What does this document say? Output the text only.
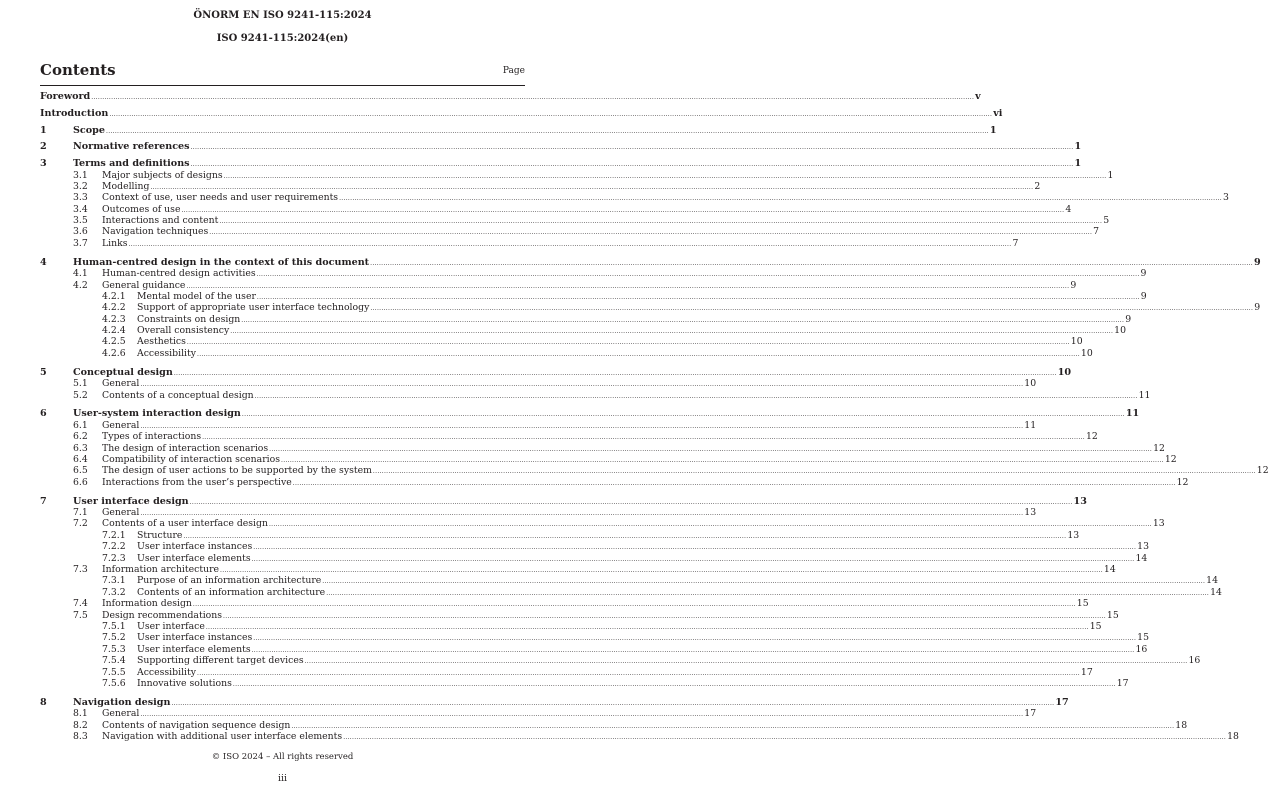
ÖNORM EN ISO 9241-115:2024
ISO 9241-115:2024(en)
Contents	Page
Foreword ................................................................................................................................................................................................................................................................................................................................................................................................................ v
Introduction ................................................................................................................................................................................................................................................................................................................................................................................................................ vi
1	Scope ................................................................................................................................................................................................................................................................................................................................................................................................................ 1
2	Normative references ................................................................................................................................................................................................................................................................................................................................................................................................................ 1
3	Terms and definitions ................................................................................................................................................................................................................................................................................................................................................................................................................ 1
3.1 Major subjects of designs ................................................................................................................................................................................................................................................................................................................................................................................................................ 1
3.2 Modelling ................................................................................................................................................................................................................................................................................................................................................................................................................ 2
3.3 Context of use, user needs and user requirements ................................................................................................................................................................................................................................................................................................................................................................................................................ 3
3.4 Outcomes of use ................................................................................................................................................................................................................................................................................................................................................................................................................ 4
3.5 Interactions and content ................................................................................................................................................................................................................................................................................................................................................................................................................ 5
3.6 Navigation techniques ................................................................................................................................................................................................................................................................................................................................................................................................................ 7
3.7 Links ................................................................................................................................................................................................................................................................................................................................................................................................................ 7
4	Human-centred design in the context of this document ................................................................................................................................................................................................................................................................................................................................................................................................................ 9
4.1 Human-centred design activities ................................................................................................................................................................................................................................................................................................................................................................................................................ 9
4.2 General guidance ................................................................................................................................................................................................................................................................................................................................................................................................................ 9
4.2.1 Mental model of the user ................................................................................................................................................................................................................................................................................................................................................................................................................ 9
4.2.2 Support of appropriate user interface technology ................................................................................................................................................................................................................................................................................................................................................................................................................ 9
4.2.3 Constraints on design ................................................................................................................................................................................................................................................................................................................................................................................................................ 9
4.2.4 Overall consistency ................................................................................................................................................................................................................................................................................................................................................................................................................ 10
4.2.5 Aesthetics ................................................................................................................................................................................................................................................................................................................................................................................................................ 10
4.2.6 Accessibility ................................................................................................................................................................................................................................................................................................................................................................................................................ 10
5	Conceptual design ................................................................................................................................................................................................................................................................................................................................................................................................................ 10
5.1 General ................................................................................................................................................................................................................................................................................................................................................................................................................ 10
5.2 Contents of a conceptual design ................................................................................................................................................................................................................................................................................................................................................................................................................ 11
6	User-system interaction design ................................................................................................................................................................................................................................................................................................................................................................................................................ 11
6.1 General ................................................................................................................................................................................................................................................................................................................................................................................................................ 11
6.2 Types of interactions ................................................................................................................................................................................................................................................................................................................................................................................................................ 12
6.3 The design of interaction scenarios ................................................................................................................................................................................................................................................................................................................................................................................................................ 12
6.4 Compatibility of interaction scenarios ................................................................................................................................................................................................................................................................................................................................................................................................................ 12
6.5 The design of user actions to be supported by the system ................................................................................................................................................................................................................................................................................................................................................................................................................ 12
6.6 Interactions from the user’s perspective ................................................................................................................................................................................................................................................................................................................................................................................................................ 12
7	User interface design ................................................................................................................................................................................................................................................................................................................................................................................................................ 13
7.1 General ................................................................................................................................................................................................................................................................................................................................................................................................................ 13
7.2 Contents of a user interface design ................................................................................................................................................................................................................................................................................................................................................................................................................ 13
7.2.1 Structure ................................................................................................................................................................................................................................................................................................................................................................................................................ 13
7.2.2 User interface instances ................................................................................................................................................................................................................................................................................................................................................................................................................ 13
7.2.3 User interface elements ................................................................................................................................................................................................................................................................................................................................................................................................................ 14
7.3 Information architecture ................................................................................................................................................................................................................................................................................................................................................................................................................ 14
7.3.1 Purpose of an information architecture ................................................................................................................................................................................................................................................................................................................................................................................................................ 14
7.3.2 Contents of an information architecture ................................................................................................................................................................................................................................................................................................................................................................................................................ 14
7.4 Information design ................................................................................................................................................................................................................................................................................................................................................................................................................ 15
7.5 Design recommendations ................................................................................................................................................................................................................................................................................................................................................................................................................ 15
7.5.1 User interface ................................................................................................................................................................................................................................................................................................................................................................................................................ 15
7.5.2 User interface instances ................................................................................................................................................................................................................................................................................................................................................................................................................ 15
7.5.3 User interface elements ................................................................................................................................................................................................................................................................................................................................................................................................................ 16
7.5.4 Supporting different target devices ................................................................................................................................................................................................................................................................................................................................................................................................................ 16
7.5.5 Accessibility ................................................................................................................................................................................................................................................................................................................................................................................................................ 17
7.5.6 Innovative solutions ................................................................................................................................................................................................................................................................................................................................................................................................................ 17
8	Navigation design ................................................................................................................................................................................................................................................................................................................................................................................................................ 17
8.1 General ................................................................................................................................................................................................................................................................................................................................................................................................................ 17
8.2 Contents of navigation sequence design ................................................................................................................................................................................................................................................................................................................................................................................................................ 18
8.3 Navigation with additional user interface elements ................................................................................................................................................................................................................................................................................................................................................................................................................ 18
© ISO 2024 – All rights reserved
iii
